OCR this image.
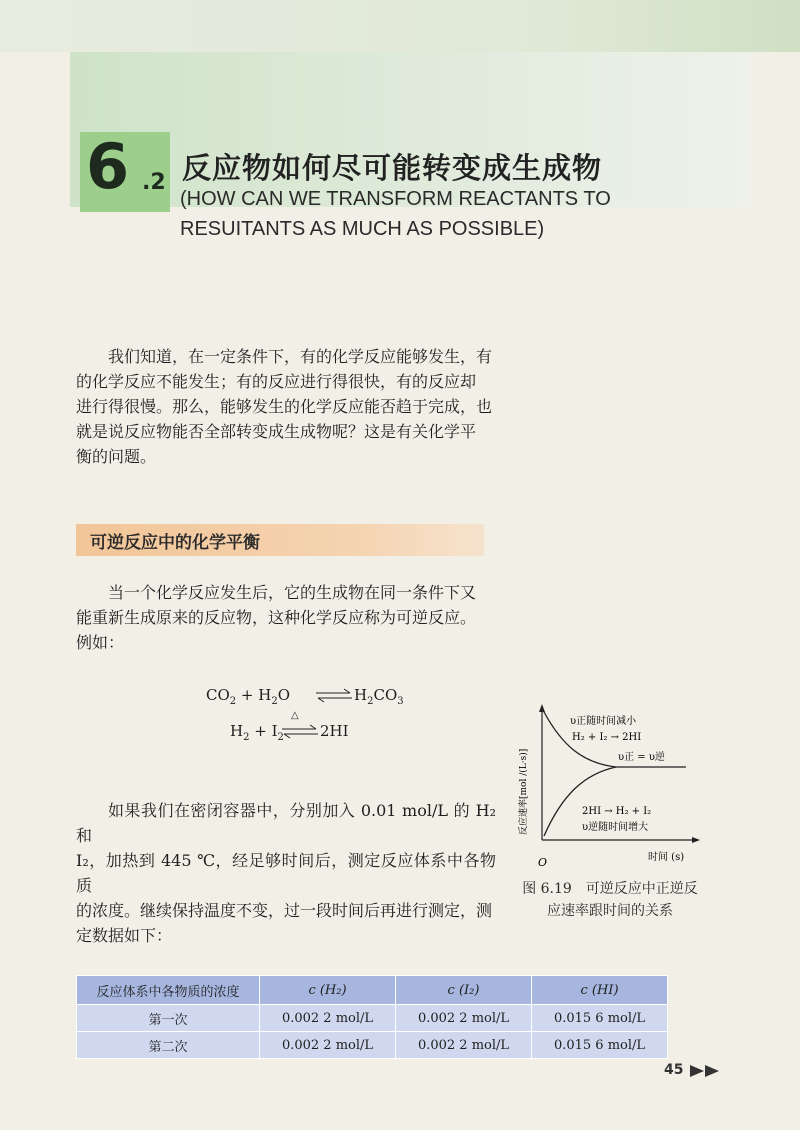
6 .2 反应物如何尽可能转变成生成物
(HOW CAN WE TRANSFORM REACTANTS TO
RESUITANTS AS MUCH AS POSSIBLE)
我们知道，在一定条件下，有的化学反应能够发生，有
的化学反应不能发生；有的反应进行得很快，有的反应却
进行得很慢。那么，能够发生的化学反应能否趋于完成，也
就是说反应物能否全部转变成生成物呢？这是有关化学平
衡的问题。
可逆反应中的化学平衡
当一个化学反应发生后，它的生成物在同一条件下又
能重新生成原来的反应物，这种化学反应称为可逆反应。
例如：
$CO_2 + H_2O$ ⇌ $H_2CO_3$
$H_2 + I_2$
△
⇌ 2HI
如果我们在密闭容器中，分别加入 0.01 mol/L 的 H₂ 和
I₂，加热到 445 ℃，经足够时间后，测定反应体系中各物质
的浓度。继续保持温度不变，过一段时间后再进行测定，测
定数据如下：
O	时间 (s)
反应速率[mol /(L·s)]
υ正随时间减小
H₂ + I₂ → 2HI
υ正 = υ逆
2HI → H₂ + I₂
υ逆随时间增大
图 6.19　可逆反应中正逆反
应速率跟时间的关系
反应体系中各物质的浓度	c (H₂)	c (I₂)	c (HI)
第一次	0.002 2 mol/L	0.002 2 mol/L	0.015 6 mol/L
第二次	0.002 2 mol/L	0.002 2 mol/L	0.015 6 mol/L
45
